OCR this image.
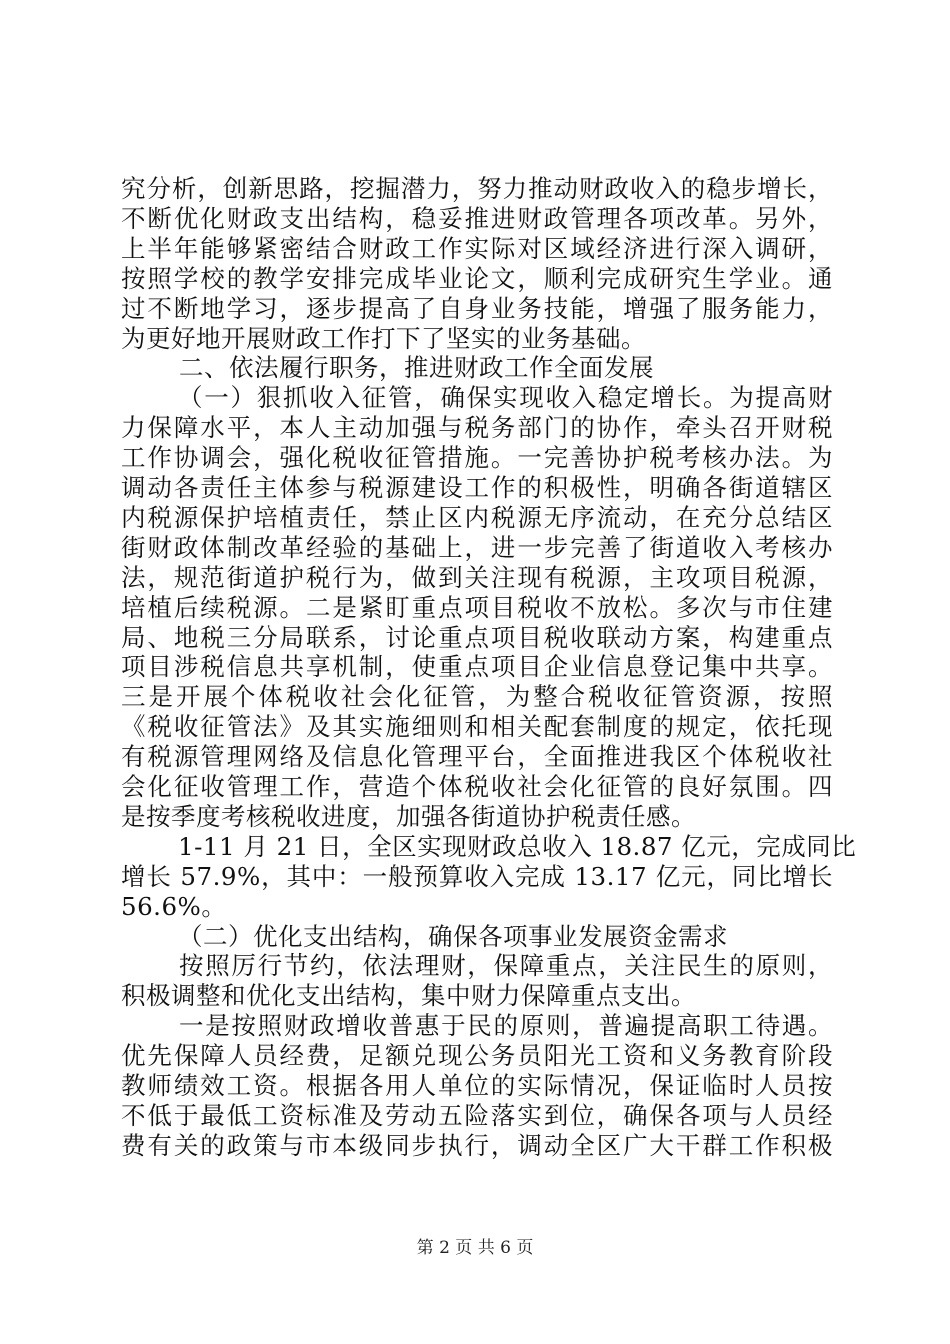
究分析，创新思路，挖掘潜力，努力推动财政收入的稳步增长，
不断优化财政支出结构，稳妥推进财政管理各项改革。另外，
上半年能够紧密结合财政工作实际对区域经济进行深入调研，
按照学校的教学安排完成毕业论文，顺利完成研究生学业。通
过不断地学习，逐步提高了自身业务技能，增强了服务能力，
为更好地开展财政工作打下了坚实的业务基础。
二、依法履行职务，推进财政工作全面发展
（一）狠抓收入征管，确保实现收入稳定增长。为提高财
力保障水平，本人主动加强与税务部门的协作，牵头召开财税
工作协调会，强化税收征管措施。一完善协护税考核办法。为
调动各责任主体参与税源建设工作的积极性，明确各街道辖区
内税源保护培植责任，禁止区内税源无序流动，在充分总结区
街财政体制改革经验的基础上，进一步完善了街道收入考核办
法，规范街道护税行为，做到关注现有税源，主攻项目税源，
培植后续税源。二是紧盯重点项目税收不放松。多次与市住建
局、地税三分局联系，讨论重点项目税收联动方案，构建重点
项目涉税信息共享机制，使重点项目企业信息登记集中共享。
三是开展个体税收社会化征管，为整合税收征管资源，按照
《税收征管法》及其实施细则和相关配套制度的规定，依托现
有税源管理网络及信息化管理平台，全面推进我区个体税收社
会化征收管理工作，营造个体税收社会化征管的良好氛围。四
是按季度考核税收进度，加强各街道协护税责任感。
1-11 月 21 日，全区实现财政总收入 18.87 亿元，完成同比
增长 57.9%，其中：一般预算收入完成 13.17 亿元，同比增长
56.6%。
（二）优化支出结构，确保各项事业发展资金需求
按照厉行节约，依法理财，保障重点，关注民生的原则，
积极调整和优化支出结构，集中财力保障重点支出。
一是按照财政增收普惠于民的原则，普遍提高职工待遇。
优先保障人员经费，足额兑现公务员阳光工资和义务教育阶段
教师绩效工资。根据各用人单位的实际情况，保证临时人员按
不低于最低工资标准及劳动五险落实到位，确保各项与人员经
费有关的政策与市本级同步执行，调动全区广大干群工作积极
第 2 页 共 6 页
